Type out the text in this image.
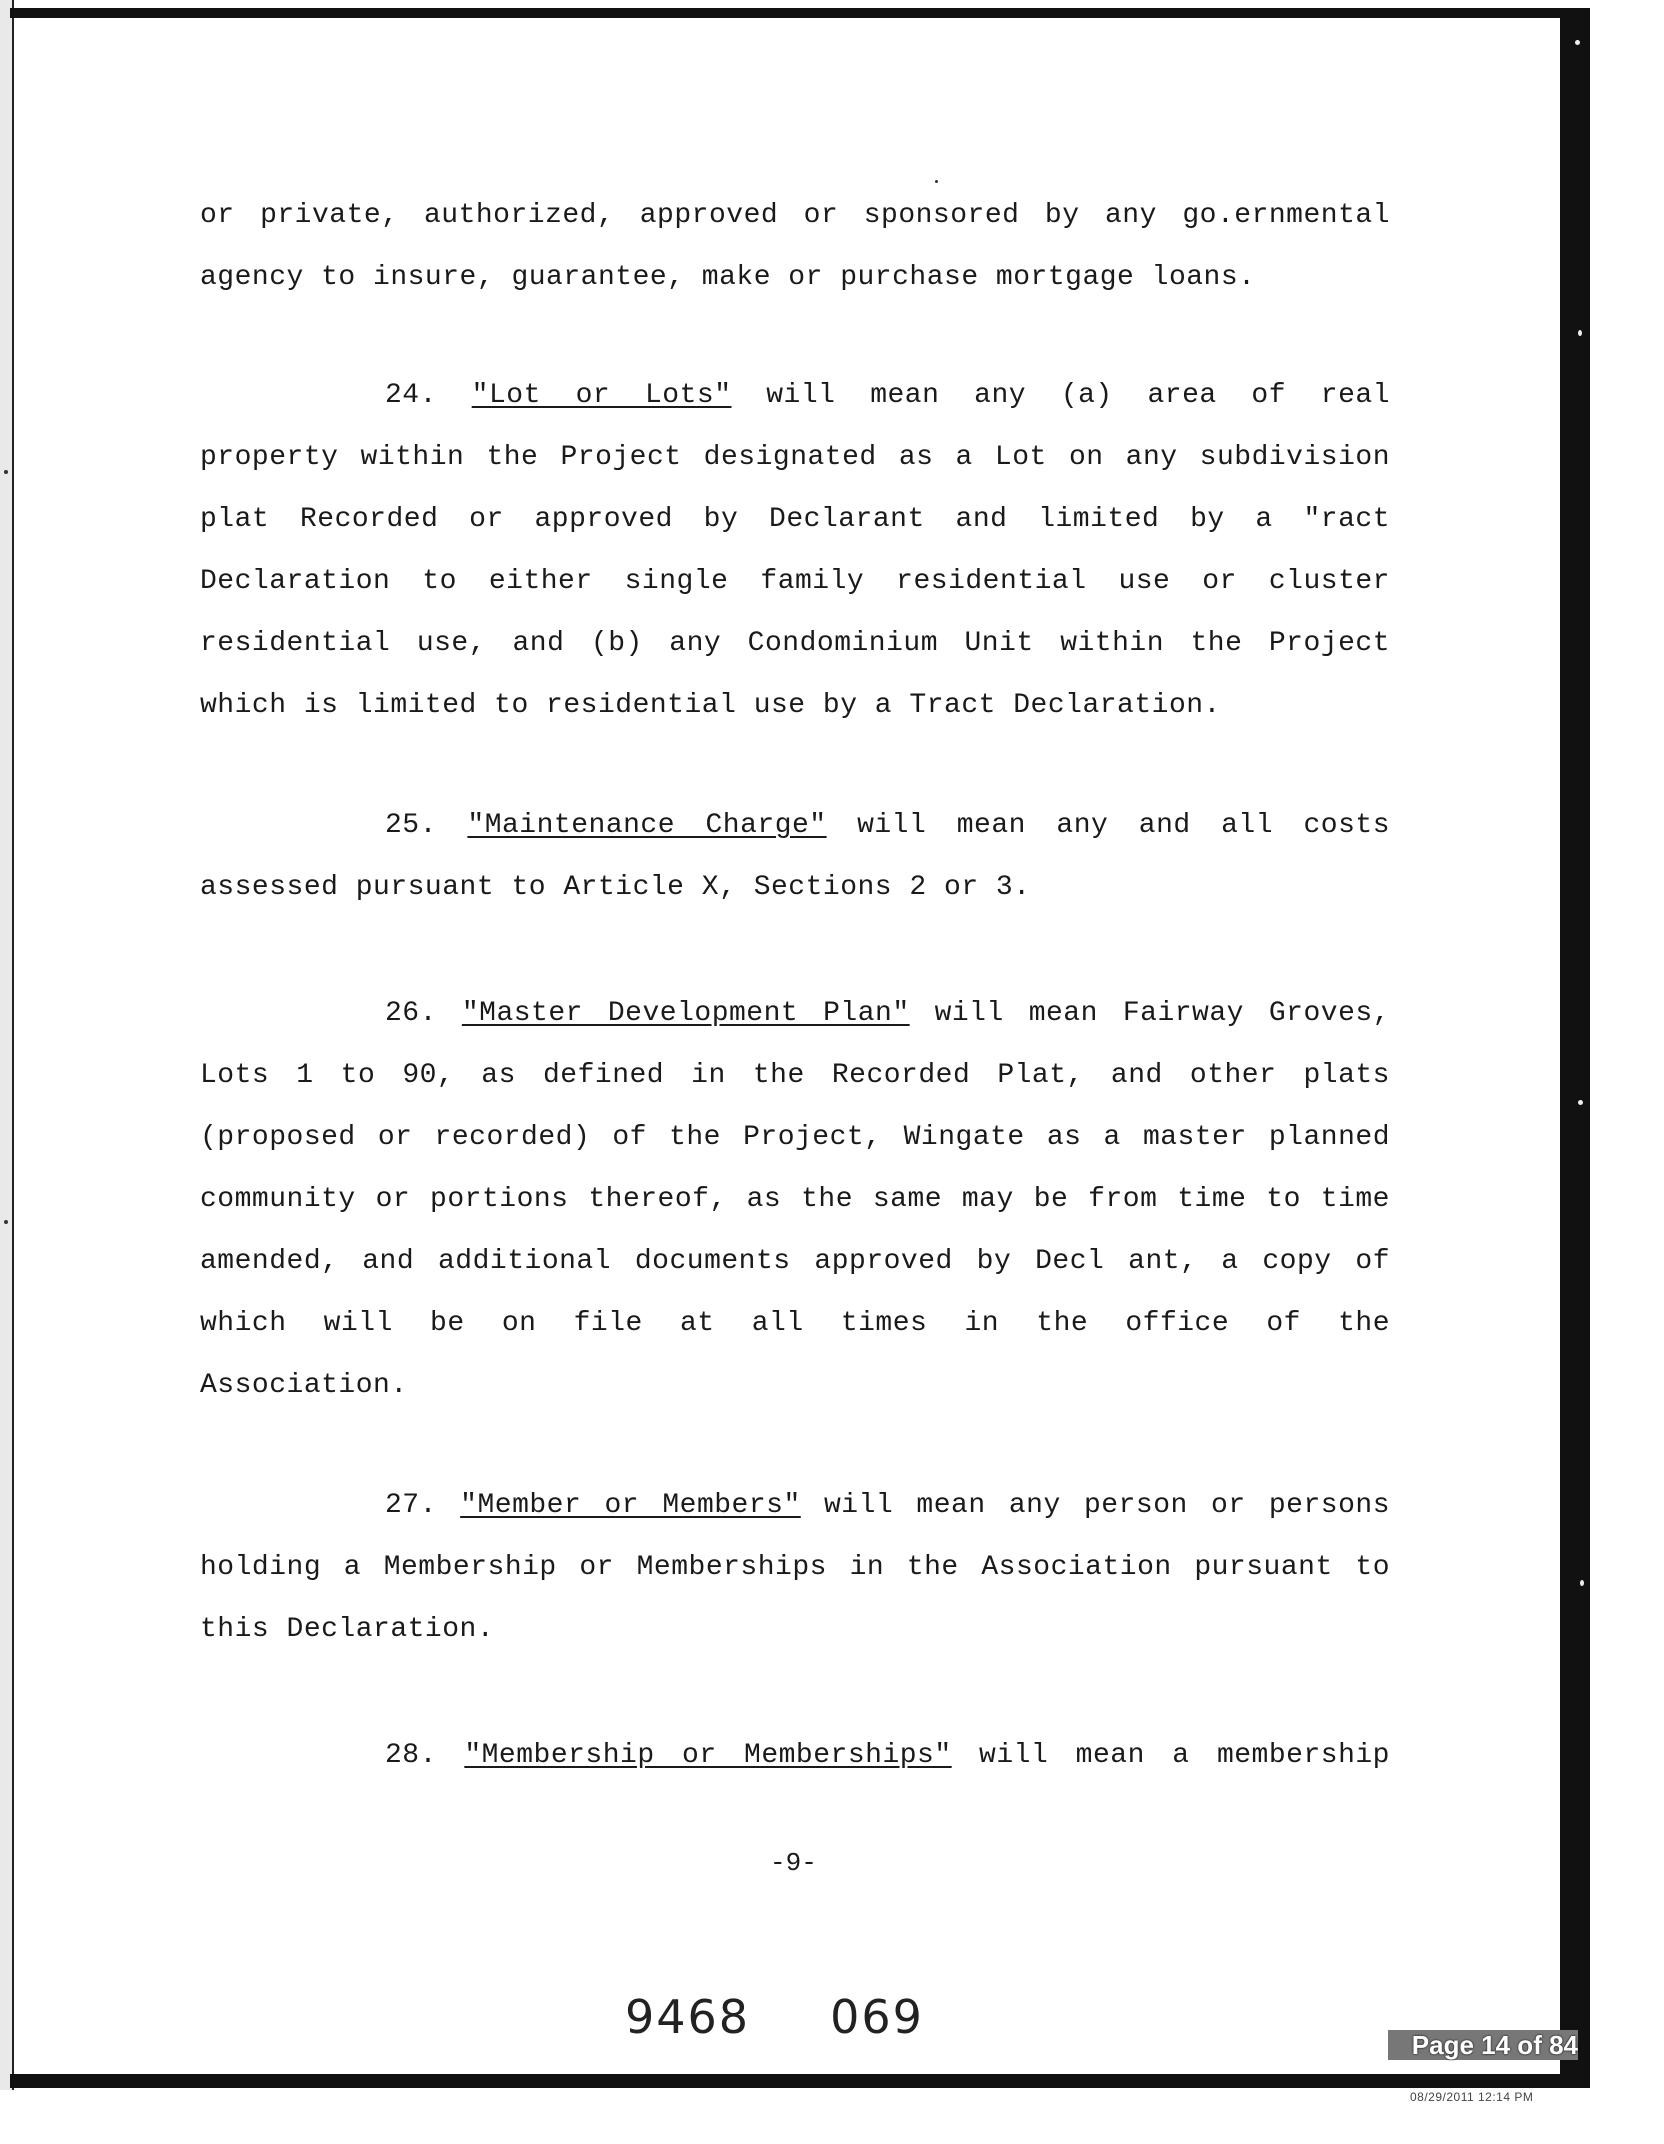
or private, authorized, approved or sponsored by any go.ernmental
agency to insure, guarantee, make or purchase mortgage loans.
24. "Lot or Lots" will mean any (a) area of real
property within the Project designated as a Lot on any subdivision
plat Recorded or approved by Declarant and limited by a "ract
Declaration to either single family residential use or cluster
residential use, and (b) any Condominium Unit within the Project
which is limited to residential use by a Tract Declaration.
25. "Maintenance Charge" will mean any and all costs
assessed pursuant to Article X, Sections 2 or 3.
26. "Master Development Plan" will mean Fairway Groves,
Lots 1 to 90, as defined in the Recorded Plat, and other plats
(proposed or recorded) of the Project, Wingate as a master planned
community or portions thereof, as the same may be from time to time
amended, and additional documents approved by Decl ant, a copy of
which will be on file at all times in the office of the
Association.
27. "Member or Members" will mean any person or persons
holding a Membership or Memberships in the Association pursuant to
this Declaration.
28. "Membership or Memberships" will mean a membership
-9-
9468 069
Page 14 of 84
08/29/2011 12:14 PM
